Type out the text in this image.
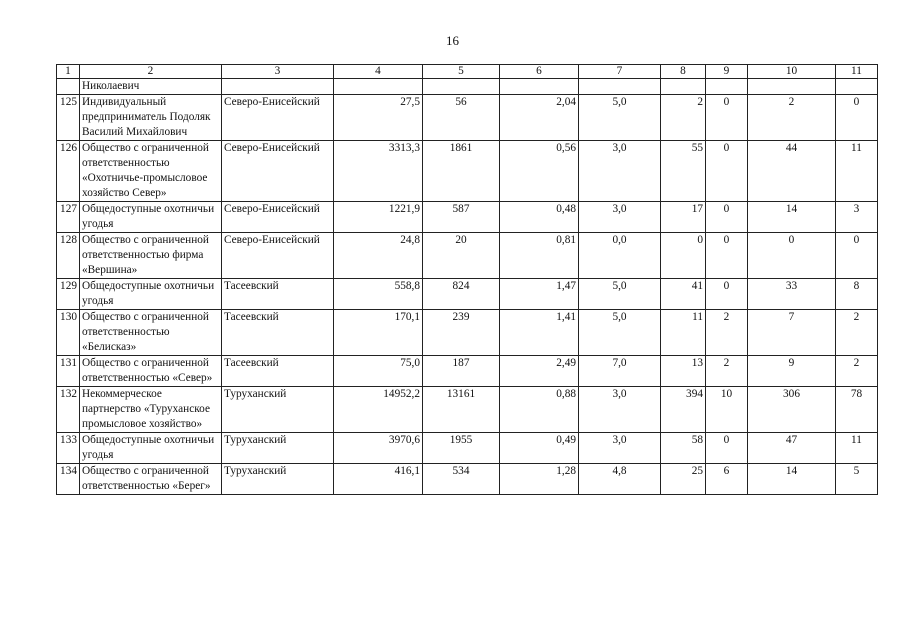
16
1	2	3	4	5	6	7	8	9	10	11
	Николаевич									
125	Индивидуальный предприниматель Подоляк Василий Михайлович	Северо-Енисейский	27,5	56	2,04	5,0	2	0	2	0
126	Общество с ограниченной ответственностью «Охотничье-промысловое хозяйство Север»	Северо-Енисейский	3313,3	1861	0,56	3,0	55	0	44	11
127	Общедоступные охотничьи угодья	Северо-Енисейский	1221,9	587	0,48	3,0	17	0	14	3
128	Общество с ограниченной ответственностью фирма «Вершина»	Северо-Енисейский	24,8	20	0,81	0,0	0	0	0	0
129	Общедоступные охотничьи угодья	Тасеевский	558,8	824	1,47	5,0	41	0	33	8
130	Общество с ограниченной ответственностью «Белисказ»	Тасеевский	170,1	239	1,41	5,0	11	2	7	2
131	Общество с ограниченной ответственностью «Север»	Тасеевский	75,0	187	2,49	7,0	13	2	9	2
132	Некоммерческое партнерство «Туруханское промысловое хозяйство»	Туруханский	14952,2	13161	0,88	3,0	394	10	306	78
133	Общедоступные охотничьи угодья	Туруханский	3970,6	1955	0,49	3,0	58	0	47	11
134	Общество с ограниченной ответственностью «Берег»	Туруханский	416,1	534	1,28	4,8	25	6	14	5
